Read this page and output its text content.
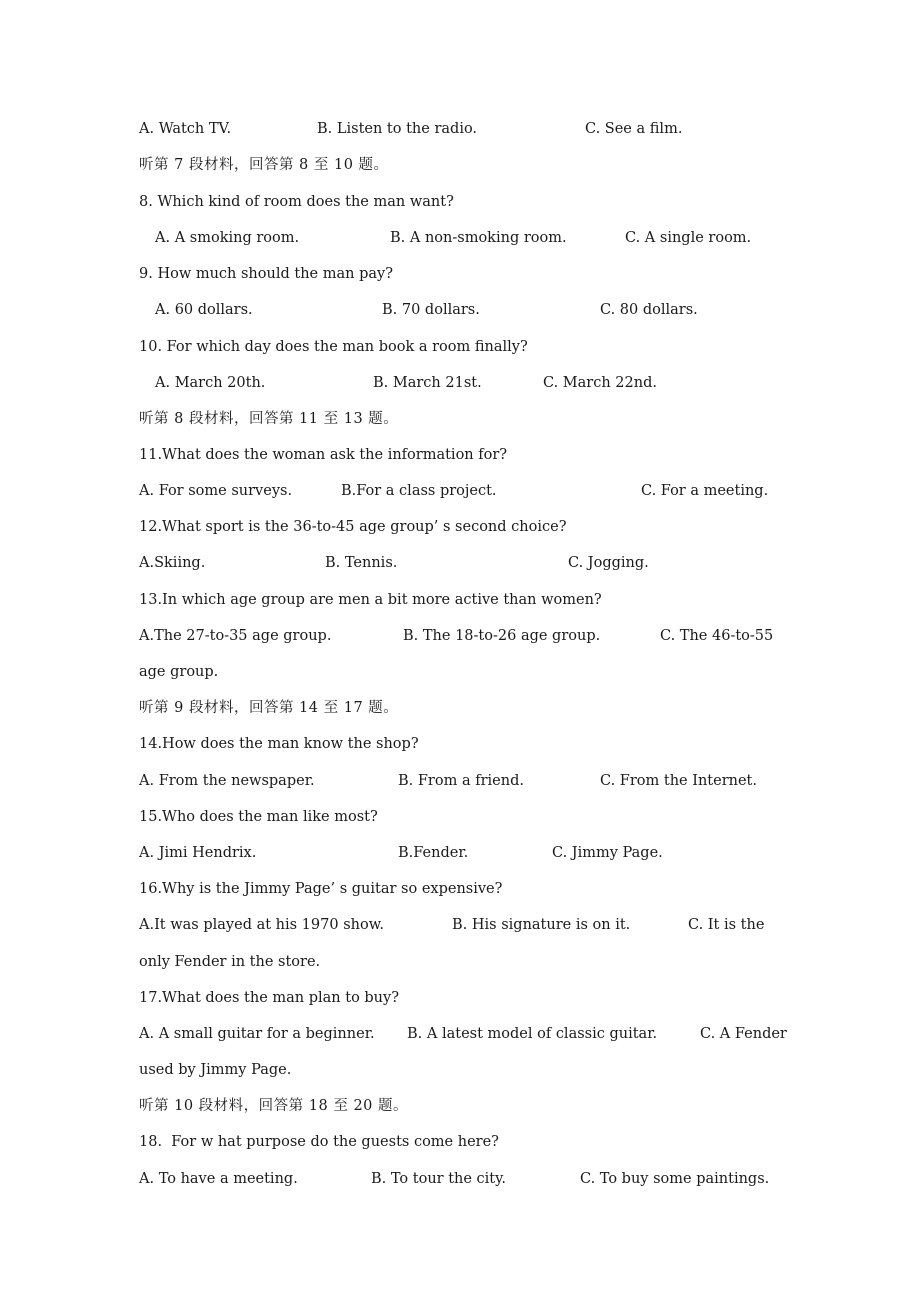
A. Watch TV.

	B. Listen to the radio.

	C. See a film.

听第 7 段材料，回答第 8 至 10 题。
8. Which kind of room does the man want?

A. A smoking room.

	B. A non-smoking room.

	C. A single room.

9. How much should the man pay?

A. 60 dollars.

	B. 70 dollars.

	C. 80 dollars.

10. For which day does the man book a room finally?

A. March 20th.

	B. March 21st.

	C. March 22nd.

听第 8 段材料，回答第 11 至 13 题。
11.What does the woman ask the information for?

A. For some surveys.

	B.For a class project.

	C. For a meeting.

12.What sport is the 36-to-45 age group’ s second choice?

A.Skiing.

	B. Tennis.

	C. Jogging.

13.In which age group are men a bit more active than women?

A.The 27-to-35 age group.

	B. The 18-to-26 age group.

	C. The 46-to-55

age group.
听第 9 段材料，回答第 14 至 17 题。
14.How does the man know the shop?

A. From the newspaper.

	B. From a friend.

	C. From the Internet.

15.Who does the man like most?

A. Jimi Hendrix.

	B.Fender.

	C. Jimmy Page.

16.Why is the Jimmy Page’ s guitar so expensive?

A.It was played at his 1970 show.

	B. His signature is on it.

	C. It is the

only Fender in the store.
17.What does the man plan to buy?

A. A small guitar for a beginner.

B. A latest model of classic guitar.

	C. A Fender

used by Jimmy Page.
听第 10 段材料，回答第 18 至 20 题。
18.  For w hat purpose do the guests come here?

A. To have a meeting.

	B. To tour the city.

	C. To buy some paintings.
